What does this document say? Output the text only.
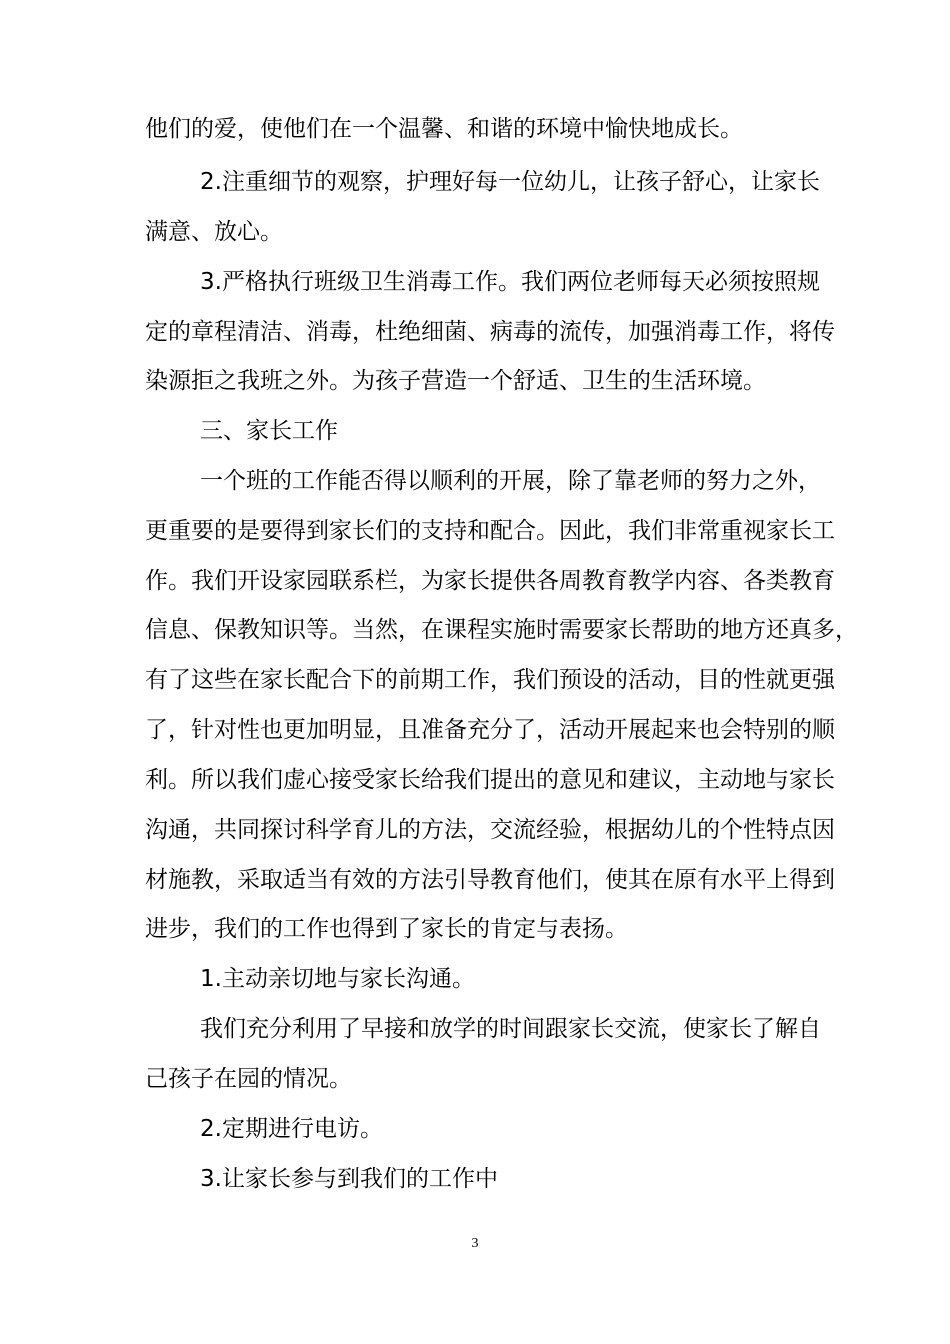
他们的爱，使他们在一个温馨、和谐的环境中愉快地成长。
2.注重细节的观察，护理好每一位幼儿，让孩子舒心，让家长
满意、放心。
3.严格执行班级卫生消毒工作。我们两位老师每天必须按照规
定的章程清洁、消毒，杜绝细菌、病毒的流传，加强消毒工作，将传
染源拒之我班之外。为孩子营造一个舒适、卫生的生活环境。
三、家长工作
一个班的工作能否得以顺利的开展，除了靠老师的努力之外，
更重要的是要得到家长们的支持和配合。因此，我们非常重视家长工
作。我们开设家园联系栏，为家长提供各周教育教学内容、各类教育
信息、保教知识等。当然，在课程实施时需要家长帮助的地方还真多，
有了这些在家长配合下的前期工作，我们预设的活动，目的性就更强
了，针对性也更加明显，且准备充分了，活动开展起来也会特别的顺
利。所以我们虚心接受家长给我们提出的意见和建议，主动地与家长
沟通，共同探讨科学育儿的方法，交流经验，根据幼儿的个性特点因
材施教，采取适当有效的方法引导教育他们，使其在原有水平上得到
进步，我们的工作也得到了家长的肯定与表扬。
1.主动亲切地与家长沟通。
我们充分利用了早接和放学的时间跟家长交流，使家长了解自
己孩子在园的情况。
2.定期进行电访。
3.让家长参与到我们的工作中
3
